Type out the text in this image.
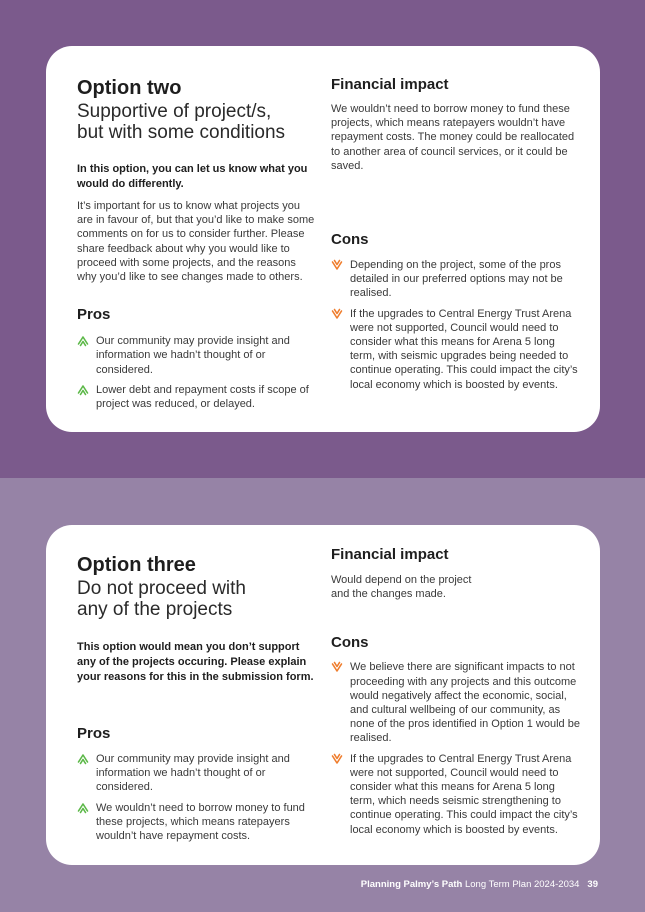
Option two
Supportive of project/s,
but with some conditions
In this option, you can let us know what you would do differently.
It’s important for us to know what projects you are in favour of, but that you’d like to make some comments on for us to consider further. Please share feedback about why you would like to proceed with some projects, and the reasons why you’d like to see changes made to others.
Pros
Our community may provide insight and information we hadn’t thought of or considered.
Lower debt and repayment costs if scope of project was reduced, or delayed.
Financial impact
We wouldn’t need to borrow money to fund these projects, which means ratepayers wouldn’t have repayment costs. The money could be reallocated to another area of council services, or it could be saved.
Cons
Depending on the project, some of the pros detailed in our preferred options may not be realised.
If the upgrades to Central Energy Trust Arena were not supported, Council would need to consider what this means for Arena 5 long term, with seismic upgrades being needed to continue operating. This could impact the city’s local economy which is boosted by events.
Option three
Do not proceed with
any of the projects
This option would mean you don’t support any of the projects occuring. Please explain your reasons for this in the submission form.
Pros
Our community may provide insight and information we hadn’t thought of or considered.
We wouldn’t need to borrow money to fund these projects, which means ratepayers wouldn’t have repayment costs.
Financial impact
Would depend on the project and the changes made.
Cons
We believe there are significant impacts to not proceeding with any projects and this outcome would negatively affect the economic, social, and cultural wellbeing of our community, as none of the pros identified in Option 1 would be realised.
If the upgrades to Central Energy Trust Arena were not supported, Council would need to consider what this means for Arena 5 long term, which needs seismic strengthening to continue operating. This could impact the city’s local economy which is boosted by events.
Planning Palmy’s Path Long Term Plan 2024-2034 39
